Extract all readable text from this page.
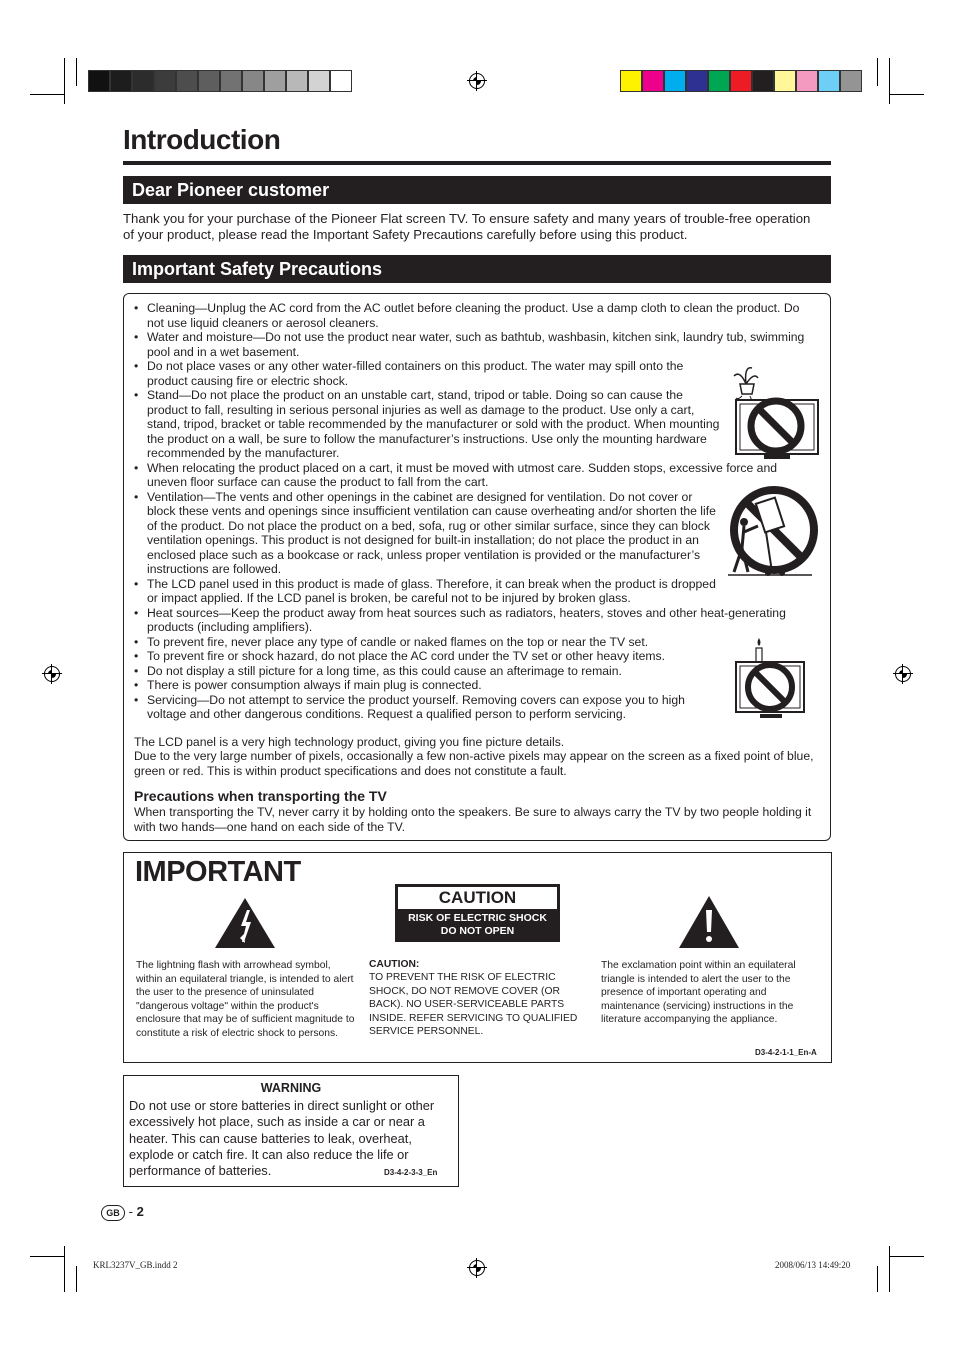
Introduction
Dear Pioneer customer

Thank you for your purchase of the Pioneer Flat screen TV. To ensure safety and many years of trouble-free operation of your product, please read the Important Safety Precautions carefully before using this product.

Important Safety Precautions
• Cleaning—Unplug the AC cord from the AC outlet before cleaning the product. Use a damp cloth to clean the product. Do not use liquid cleaners or aerosol cleaners.
• Water and moisture—Do not use the product near water, such as bathtub, washbasin, kitchen sink, laundry tub, swimming pool and in a wet basement.
• Do not place vases or any other water-filled containers on this product. The water may spill onto the product causing fire or electric shock.
• Stand—Do not place the product on an unstable cart, stand, tripod or table. Doing so can cause the product to fall, resulting in serious personal injuries as well as damage to the product. Use only a cart, stand, tripod, bracket or table recommended by the manufacturer or sold with the product. When mounting the product on a wall, be sure to follow the manufacturer’s instructions. Use only the mounting hardware recommended by the manufacturer.
• When relocating the product placed on a cart, it must be moved with utmost care. Sudden stops, excessive force and uneven floor surface can cause the product to fall from the cart.
• Ventilation—The vents and other openings in the cabinet are designed for ventilation. Do not cover or block these vents and openings since insufficient ventilation can cause overheating and/or shorten the life of the product. Do not place the product on a bed, sofa, rug or other similar surface, since they can block ventilation openings. This product is not designed for built-in installation; do not place the product in an enclosed place such as a bookcase or rack, unless proper ventilation is provided or the manufacturer’s instructions are followed.
• The LCD panel used in this product is made of glass. Therefore, it can break when the product is dropped or impact applied. If the LCD panel is broken, be careful not to be injured by broken glass.
• Heat sources—Keep the product away from heat sources such as radiators, heaters, stoves and other heat-generating products (including amplifiers).
• To prevent fire, never place any type of candle or naked flames on the top or near the TV set.
• To prevent fire or shock hazard, do not place the AC cord under the TV set or other heavy items.
• Do not display a still picture for a long time, as this could cause an afterimage to remain.
• There is power consumption always if main plug is connected.
• Servicing—Do not attempt to service the product yourself. Removing covers can expose you to high voltage and other dangerous conditions. Request a qualified person to perform servicing.

The LCD panel is a very high technology product, giving you fine picture details.

Due to the very large number of pixels, occasionally a few non-active pixels may appear on the screen as a fixed point of blue, green or red. This is within product specifications and does not constitute a fault.

Precautions when transporting the TV

When transporting the TV, never carry it by holding onto the speakers. Be sure to always carry the TV by two people holding it with two hands—one hand on each side of the TV.

IMPORTANT
CAUTION
RISK OF ELECTRIC SHOCK
DO NOT OPEN

The lightning flash with arrowhead symbol, within an equilateral triangle, is intended to alert the user to the presence of uninsulated "dangerous voltage" within the product's enclosure that may be of sufficient magnitude to constitute a risk of electric shock to persons.

CAUTION:

TO PREVENT THE RISK OF ELECTRIC SHOCK, DO NOT REMOVE COVER (OR BACK). NO USER-SERVICEABLE PARTS INSIDE. REFER SERVICING TO QUALIFIED SERVICE PERSONNEL.

The exclamation point within an equilateral triangle is intended to alert the user to the presence of important operating and maintenance (servicing) instructions in the literature accompanying the appliance.

D3-4-2-1-1_En-A
WARNING

Do not use or store batteries in direct sunlight or other excessively hot place, such as inside a car or near a heater. This can cause batteries to leak, overheat, explode or catch fire. It can also reduce the life or performance of batteries.	D3-4-2-3-3_En
GB - 2
KRL3237V_GB.indd 2	2008/06/13 14:49:20
